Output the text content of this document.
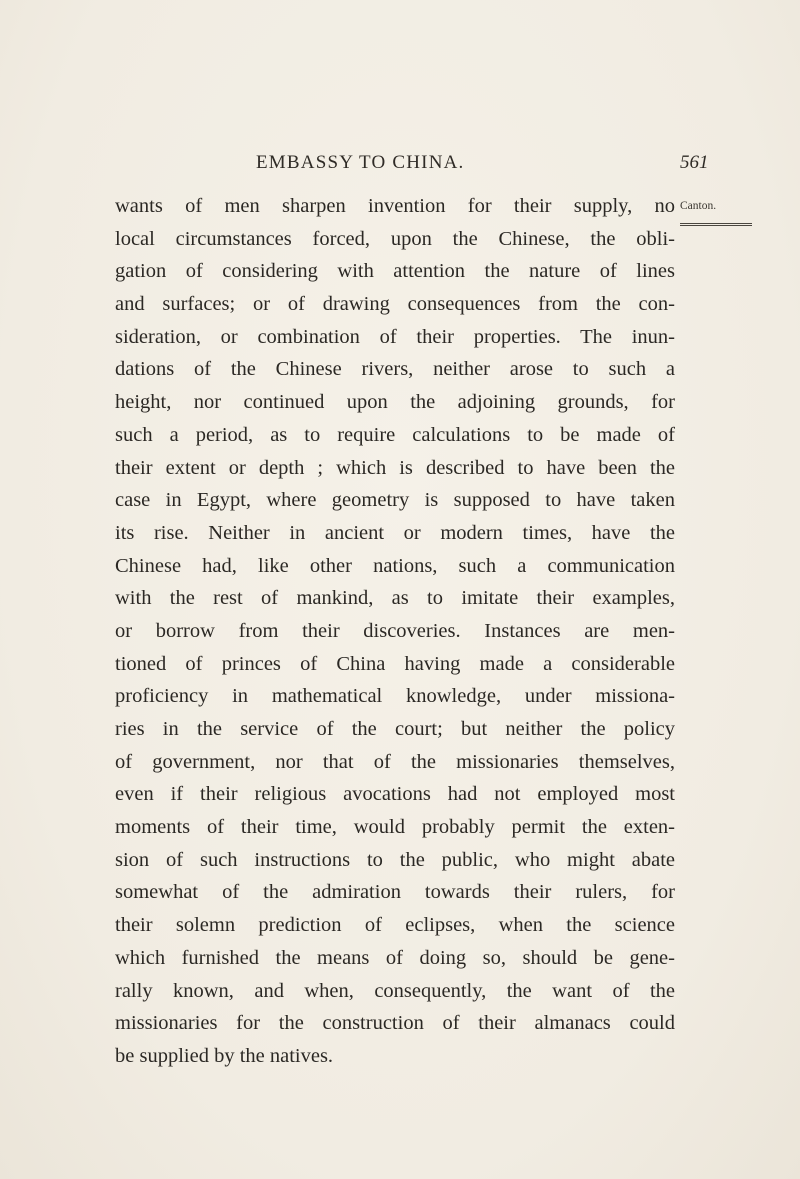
EMBASSY TO CHINA.	561
Canton.
wants of men sharpen invention for their supply, no
local circumstances forced, upon the Chinese, the obli-
gation of considering with attention the nature of lines
and surfaces; or of drawing consequences from the con-
sideration, or combination of their properties. The inun-
dations of the Chinese rivers, neither arose to such a
height, nor continued upon the adjoining grounds, for
such a period, as to require calculations to be made of
their extent or depth ; which is described to have been the
case in Egypt, where geometry is supposed to have taken
its rise. Neither in ancient or modern times, have the
Chinese had, like other nations, such a communication
with the rest of mankind, as to imitate their examples,
or borrow from their discoveries. Instances are men-
tioned of princes of China having made a considerable
proficiency in mathematical knowledge, under missiona-
ries in the service of the court; but neither the policy
of government, nor that of the missionaries themselves,
even if their religious avocations had not employed most
moments of their time, would probably permit the exten-
sion of such instructions to the public, who might abate
somewhat of the admiration towards their rulers, for
their solemn prediction of eclipses, when the science
which furnished the means of doing so, should be gene-
rally known, and when, consequently, the want of the
missionaries for the construction of their almanacs could
be supplied by the natives.
